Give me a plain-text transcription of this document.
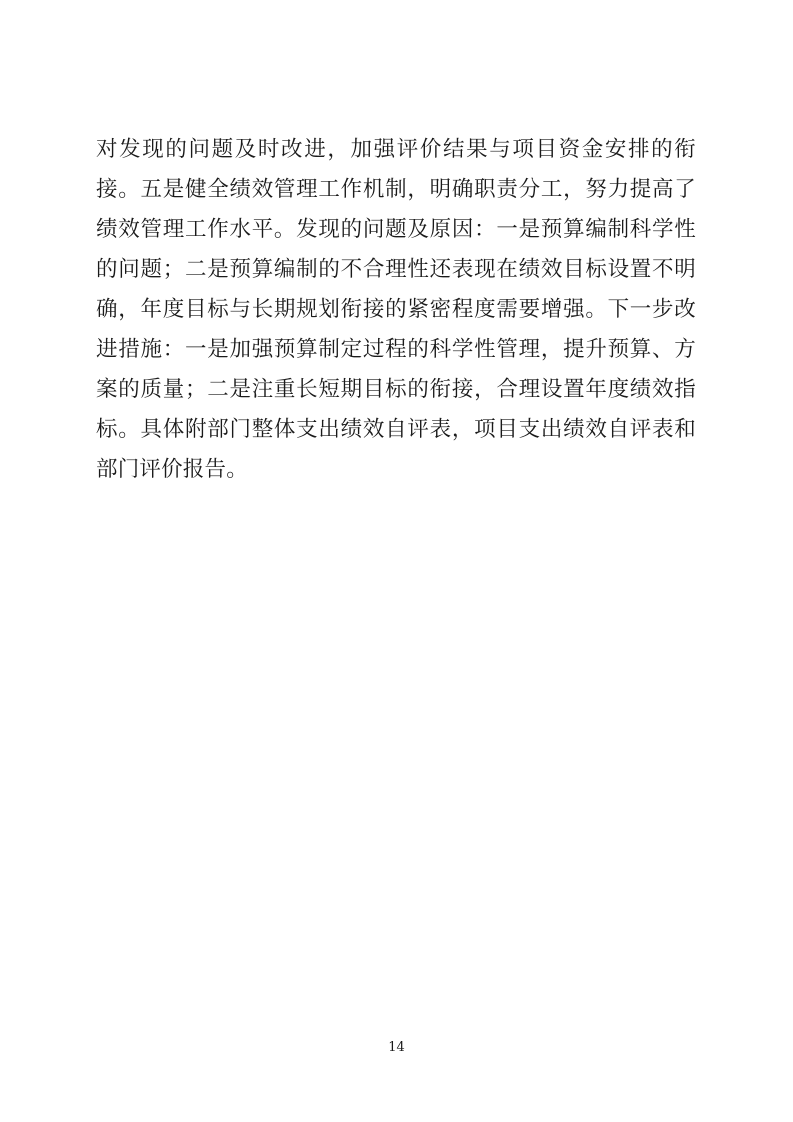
对发现的问题及时改进，加强评价结果与项目资金安排的衔接。五是健全绩效管理工作机制，明确职责分工，努力提高了绩效管理工作水平。发现的问题及原因：一是预算编制科学性的问题；二是预算编制的不合理性还表现在绩效目标设置不明确，年度目标与长期规划衔接的紧密程度需要增强。下一步改进措施：一是加强预算制定过程的科学性管理，提升预算、方案的质量；二是注重长短期目标的衔接，合理设置年度绩效指标。具体附部门整体支出绩效自评表，项目支出绩效自评表和部门评价报告。
14
